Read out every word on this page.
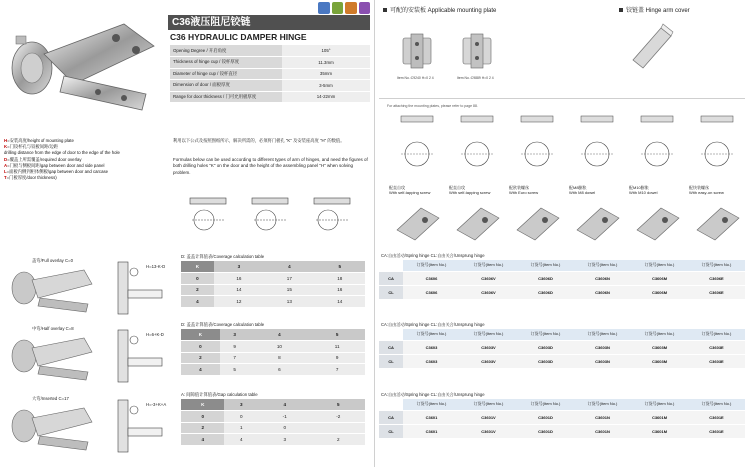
C36液压阻尼铰链
C36 HYDRAULIC DAMPER HINGE
Opening Degree / 开启角度	105°
Thickness of hinge cup / 铰杯厚度	11.3mm
Diameter of hinge cup / 铰杯直径	35mm
Dimension of door / 面板厚度	3-5mm
Range for door thickness / 门可允用板厚度	14-22mm
H=安装高度/height of mounting plate
K=门铰杯孔与铰板间距/边距
drilling distance from the edge of door to the edge of the hole
D=覆盖上所需覆盖/required door overlay
A=门板与侧板间距/gap between door and side panel
L=面板内侧到柜体侧板/gap between door and carcase
T=门板厚度/door thickness)
利用以下公式及按照图纸所示，解决所需的，必须将门板孔 "K" 及安装座高度 "H" 的数值。
Formulas below can be used according to different types of arm of hinges, and need the figures of both drilling holes "K" on the door and the height of the assembling panel "H" when solving problem.
盖弯/Full overlay C=0
H=13-K-D
D: 盖盖计算值表/Coverage calculation table
K	3	4	5
0	16	17	18
2	14	15	16
4	12	13	14
中弯/Half overlay C=8
H=6+K-D
D: 盖盖计算值表/Coverage calculation table
K	3	4	5
0	9	10	11
2	7	8	9
4	5	6	7
大弯/Inserted C=17
H=-3+K+A
A: 间隙值计算值表/Gap calculation table
K	3	4	5
0	0	-1	-2
2	1	0	
4	4	3	2
可配的安装板 Applicable mounting plate	铰链盖 Hinge arm cover
Item No.:C9240 H=0 2 4	Item No.:C9889 H=0 2 4
For attaching the mounting plates, please refer to page 88.
配直自攻
With self-tapping screw
配直自攻
With self-tapping screw
配欧装螺丝
With Euro screw
配M8膨胀
With M8 dowel
配M10膨胀
With M10 dowel
配快装螺丝
With easy-on screw
CA:自由活动/Spring hinge CL:自由关合/Unsprung hinge
	订货号(Item No.)	订货号(Item No.)	订货号(Item No.)	订货号(Item No.)	订货号(Item No.)	订货号(Item No.)
CA	C3606	C3606V	C3606D	C3606N	C3606M	C3606E
CL	C3606	C3606V	C3606D	C3606N	C3606M	C3606E
CA:自由活动/Spring hinge CL:自由关合/Unsprung hinge
	订货号(Item No.)	订货号(Item No.)	订货号(Item No.)	订货号(Item No.)	订货号(Item No.)	订货号(Item No.)
CA	C3603	C3603V	C3603D	C3603N	C3603M	C3603E
CL	C3603	C3603V	C3603D	C3603N	C3603M	C3603E
CA:自由活动/Spring hinge CL:自由关合/Unsprung hinge
	订货号(Item No.)	订货号(Item No.)	订货号(Item No.)	订货号(Item No.)	订货号(Item No.)	订货号(Item No.)
CA	C3601	C3601V	C3601D	C3601N	C3601M	C3601E
CL	C3601	C3601V	C3601D	C3601N	C3601M	C3601E
